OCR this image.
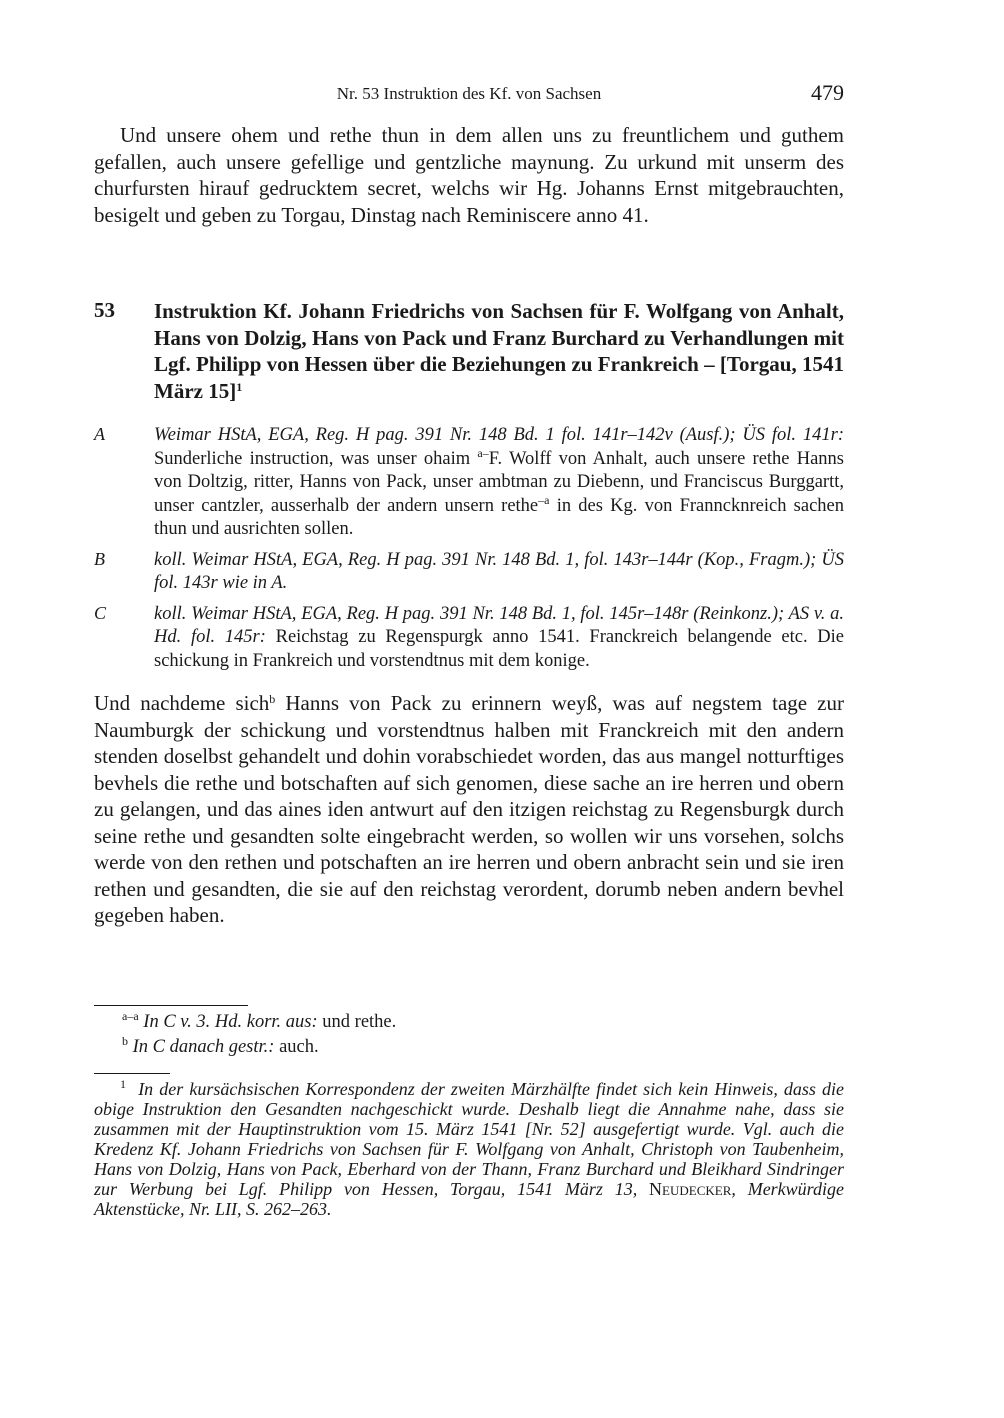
Nr. 53 Instruktion des Kf. von Sachsen	479

Und unsere ohem und rethe thun in dem allen uns zu freuntlichem und guthem gefallen, auch unsere gefellige und gentzliche maynung. Zu urkund mit unserm des churfursten hirauf gedrucktem secret, welchs wir Hg. Johanns Ernst mitgebrauchten, besigelt und geben zu Torgau, Dinstag nach Reminiscere anno 41.

53 Instruktion Kf. Johann Friedrichs von Sachsen für F. Wolfgang von Anhalt, Hans von Dolzig, Hans von Pack und Franz Burchard zu Verhandlungen mit Lgf. Philipp von Hessen über die Beziehungen zu Frankreich – [Torgau, 1541 März 15]$^1$

A	Weimar HStA, EGA, Reg. H pag. 391 Nr. 148 Bd. 1 fol. 141r–142v (Ausf.); ÜS fol. 141r: Sunderliche instruction, was unser ohaim $^{a-}$F. Wolff von Anhalt, auch unsere rethe Hanns von Doltzig, ritter, Hanns von Pack, unser ambtman zu Diebenn, und Franciscus Burggartt, unser cantzler, ausserhalb der andern unsern rethe$^{-a}$ in des Kg. von Franncknreich sachen thun und ausrichten sollen.
B	koll. Weimar HStA, EGA, Reg. H pag. 391 Nr. 148 Bd. 1, fol. 143r–144r (Kop., Fragm.); ÜS fol. 143r wie in A.
C	koll. Weimar HStA, EGA, Reg. H pag. 391 Nr. 148 Bd. 1, fol. 145r–148r (Reinkonz.); AS v. a. Hd. fol. 145r: Reichstag zu Regenspurgk anno 1541. Franckreich belangende etc. Die schickung in Frankreich und vorstendtnus mit dem konige.

Und nachdeme sich$^b$ Hanns von Pack zu erinnern weyß, was auf negstem tage zur Naumburgk der schickung und vorstendtnus halben mit Franckreich mit den andern stenden doselbst gehandelt und dohin vorabschiedet worden, das aus mangel notturftiges bevhels die rethe und botschaften auf sich genomen, diese sache an ire herren und obern zu gelangen, und das aines iden antwurt auf den itzigen reichstag zu Regensburgk durch seine rethe und gesandten solte eingebracht werden, so wollen wir uns vorsehen, solchs werde von den rethen und potschaften an ire herren und obern anbracht sein und sie iren rethen und gesandten, die sie auf den reichstag verordent, dorumb neben andern bevhel gegeben haben.

$^{a-a}$ In C v. 3. Hd. korr. aus: und rethe.

$^b$ In C danach gestr.: auch.

$^1$ In der kursächsischen Korrespondenz der zweiten Märzhälfte findet sich kein Hinweis, dass die obige Instruktion den Gesandten nachgeschickt wurde. Deshalb liegt die Annahme nahe, dass sie zusammen mit der Hauptinstruktion vom 15. März 1541 [Nr. 52] ausgefertigt wurde. Vgl. auch die Kredenz Kf. Johann Friedrichs von Sachsen für F. Wolfgang von Anhalt, Christoph von Taubenheim, Hans von Dolzig, Hans von Pack, Eberhard von der Thann, Franz Burchard und Bleikhard Sindringer zur Werbung bei Lgf. Philipp von Hessen, Torgau, 1541 März 13, Neudecker, Merkwürdige Aktenstücke, Nr. LII, S. 262–263.
